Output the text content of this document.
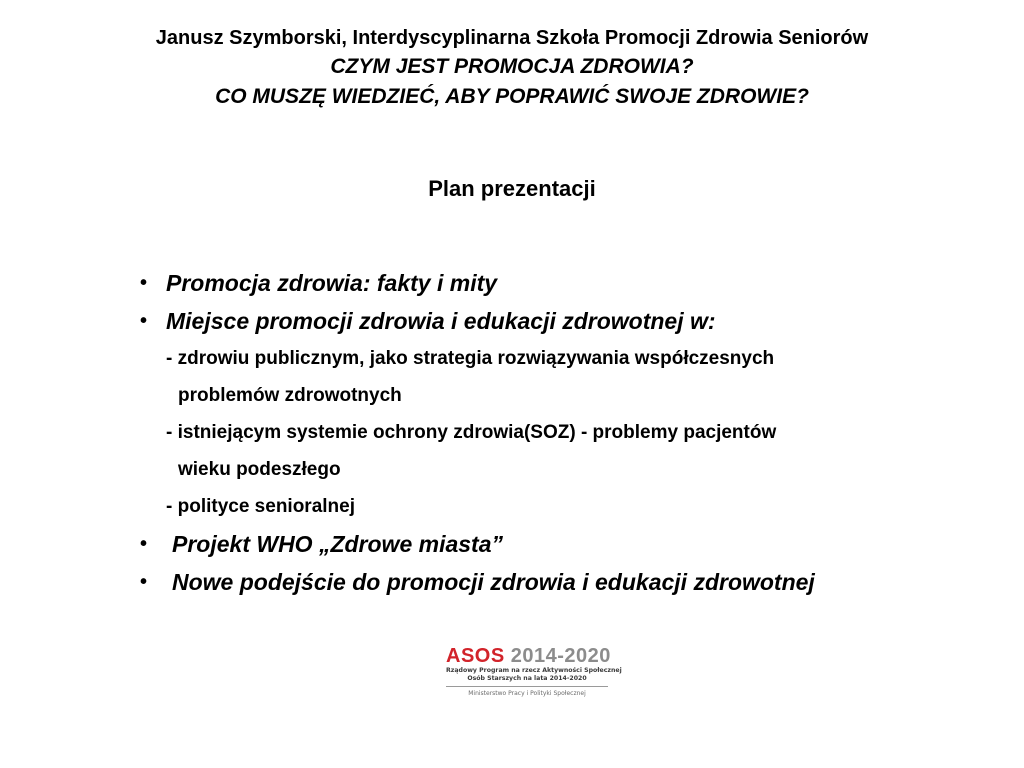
Janusz Szymborski, Interdyscyplinarna Szkoła Promocji Zdrowia Seniorów

CZYM JEST PROMOCJA ZDROWIA?

CO MUSZĘ WIEDZIEĆ, ABY POPRAWIĆ SWOJE ZDROWIE?

Plan prezentacji
• Promocja zdrowia: fakty i mity
• Miejsce promocji zdrowia i edukacji zdrowotnej w:
- zdrowiu publicznym, jako strategia rozwiązywania współczesnych
problemów zdrowotnych
- istniejącym systemie ochrony zdrowia(SOZ) - problemy pacjentów
wieku podeszłego
- polityce senioralnej
• Projekt WHO „Zdrowe miasta”
• Nowe podejście do promocji zdrowia i edukacji zdrowotnej
ASOS 2014-2020
Rządowy Program na rzecz Aktywności Społecznej
Osób Starszych na lata 2014-2020
Ministerstwo Pracy i Polityki Społecznej
